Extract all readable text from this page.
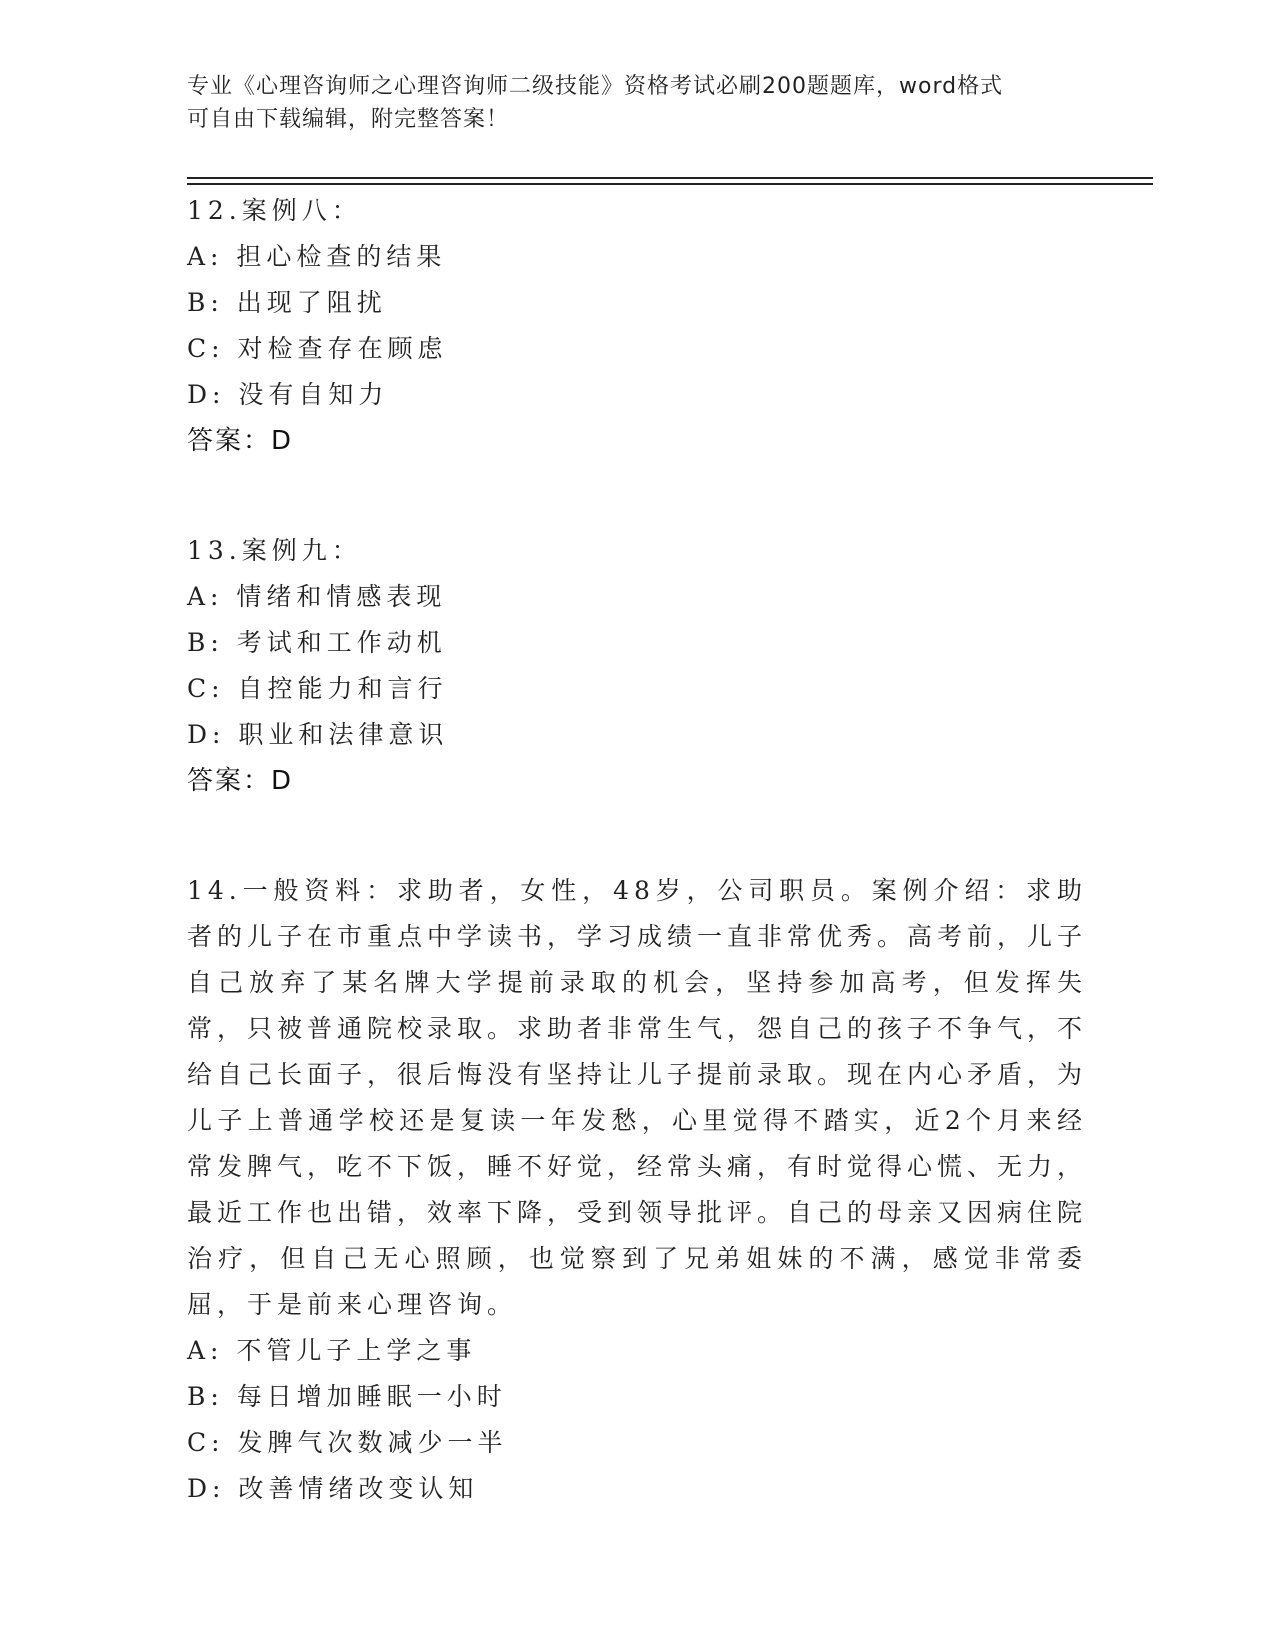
专业《心理咨询师之心理咨询师二级技能》资格考试必刷200题题库，word格式
可自由下载编辑，附完整答案！

12.案例八：

A: 担心检查的结果

B: 出现了阻扰

C: 对检查存在顾虑

D: 没有自知力

答案：D

13.案例九：

A: 情绪和情感表现

B: 考试和工作动机

C: 自控能力和言行

D: 职业和法律意识

答案：D

14.一般资料：求助者，女性，48岁，公司职员。案例介绍：求助者的儿子在市重点中学读书，学习成绩一直非常优秀。高考前，儿子自己放弃了某名牌大学提前录取的机会，坚持参加高考，但发挥失常，只被普通院校录取。求助者非常生气，怨自己的孩子不争气，不给自己长面子，很后悔没有坚持让儿子提前录取。现在内心矛盾，为儿子上普通学校还是复读一年发愁，心里觉得不踏实，近2个月来经常发脾气，吃不下饭，睡不好觉，经常头痛，有时觉得心慌、无力，最近工作也出错，效率下降，受到领导批评。自己的母亲又因病住院治疗，但自己无心照顾，也觉察到了兄弟姐妹的不满，感觉非常委屈，于是前来心理咨询。

A: 不管儿子上学之事

B: 每日增加睡眠一小时

C: 发脾气次数减少一半

D: 改善情绪改变认知
